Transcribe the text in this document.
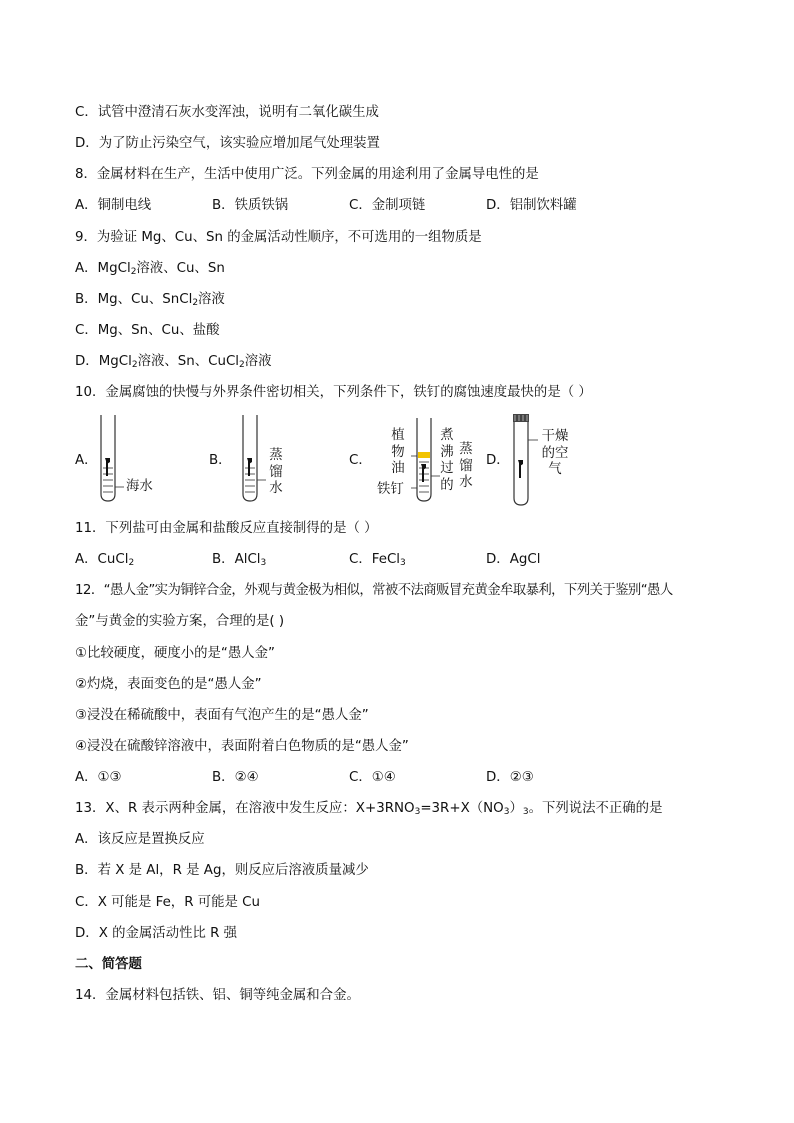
C．试管中澄清石灰水变浑浊，说明有二氧化碳生成
D．为了防止污染空气，该实验应增加尾气处理装置
8．金属材料在生产，生活中使用广泛。下列金属的用途利用了金属导电性的是
A．铜制电线	B．铁质铁锅	C．金制项链	D．铝制饮料罐
9．为验证 Mg、Cu、Sn 的金属活动性顺序，不可选用的一组物质是
A．MgCl$_2$溶液、Cu、Sn
B．Mg、Cu、SnCl$_2$溶液
C．Mg、Sn、Cu、盐酸
D．MgCl$_2$溶液、Sn、CuCl$_2$溶液
10．金属腐蚀的快慢与外界条件密切相关，下列条件下，铁钉的腐蚀速度最快的是（ ）
A．
海水
B．	蒸馏水
C．
植物油
铁钉
煮沸过的
蒸馏水
D．
干燥的空气
11．下列盐可由金属和盐酸反应直接制得的是（ ）
A．CuCl$_2$	B．AlCl$_3$	C．FeCl$_3$	D．AgCl
12．“愚人金”实为铜锌合金，外观与黄金极为相似，常被不法商贩冒充黄金牟取暴利，下列关于鉴别“愚人
金”与黄金的实验方案，合理的是( )
①比较硬度，硬度小的是“愚人金”
②灼烧，表面变色的是“愚人金”
③浸没在稀硫酸中，表面有气泡产生的是“愚人金”
④浸没在硫酸锌溶液中，表面附着白色物质的是“愚人金”
A．①③	B．②④	C．①④	D．②③
13．X、R 表示两种金属，在溶液中发生反应：$X+3RNO_3=3R+X(NO_3)_3$。下列说法不正确的是
A．该反应是置换反应
B．若 X 是 Al，R 是 Ag，则反应后溶液质量减少
C．X 可能是 Fe，R 可能是 Cu
D．X 的金属活动性比 R 强
二、简答题
14．金属材料包括铁、铝、铜等纯金属和合金。
